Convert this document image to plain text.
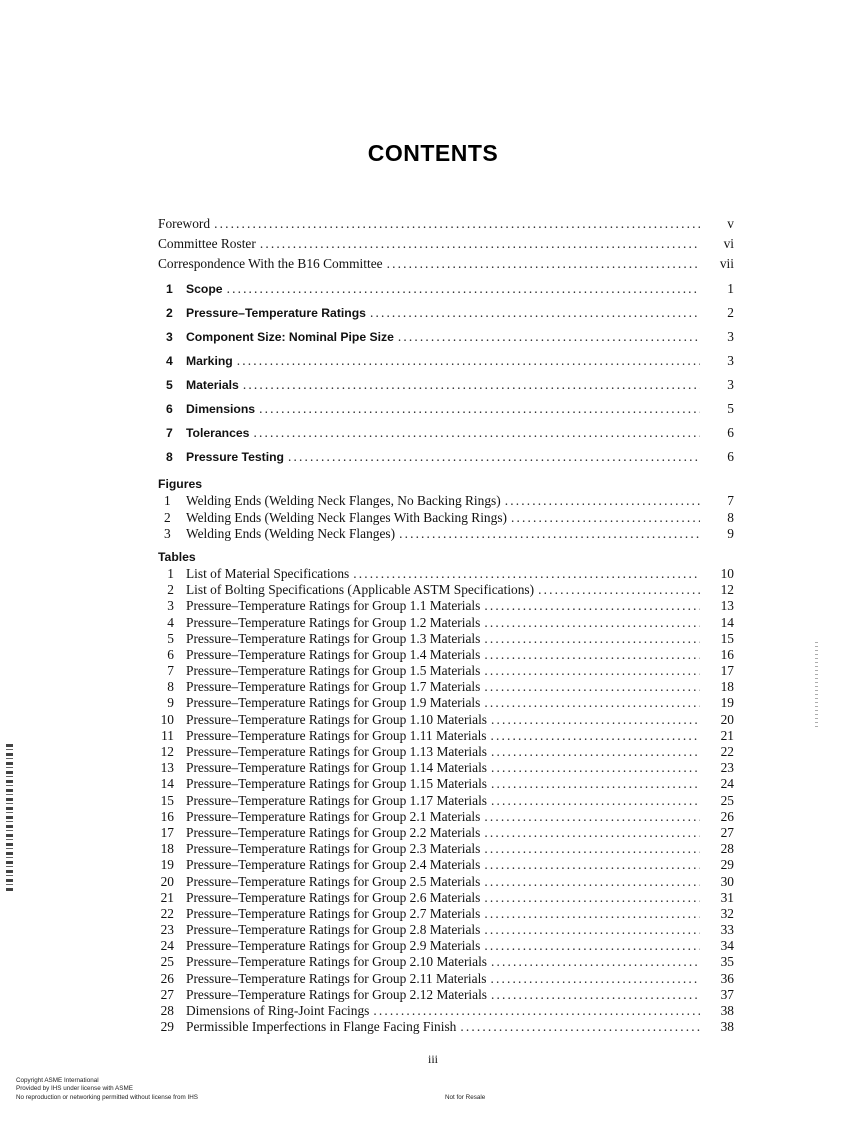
CONTENTS
Foreword . . .	v
Committee Roster . . .	vi
Correspondence With the B16 Committee . . .	vii
1	Scope . . .	1
2	Pressure–Temperature Ratings . . .	2
3	Component Size: Nominal Pipe Size . . .	3
4	Marking . . .	3
5	Materials . . .	3
6	Dimensions . . .	5
7	Tolerances . . .	6
8	Pressure Testing . . .	6
Figures
1	Welding Ends (Welding Neck Flanges, No Backing Rings) . . .	7
2	Welding Ends (Welding Neck Flanges With Backing Rings) . . .	8
3	Welding Ends (Welding Neck Flanges) . . .	9
Tables
1 List of Material Specifications . . .	10
2 List of Bolting Specifications (Applicable ASTM Specifications) . . .	12
3 Pressure–Temperature Ratings for Group 1.1 Materials . . .	13
4 Pressure–Temperature Ratings for Group 1.2 Materials . . .	14
5 Pressure–Temperature Ratings for Group 1.3 Materials . . .	15
6 Pressure–Temperature Ratings for Group 1.4 Materials . . .	16
7 Pressure–Temperature Ratings for Group 1.5 Materials . . .	17
8 Pressure–Temperature Ratings for Group 1.7 Materials . . .	18
9 Pressure–Temperature Ratings for Group 1.9 Materials . . .	19
10 Pressure–Temperature Ratings for Group 1.10 Materials . . .	20
11 Pressure–Temperature Ratings for Group 1.11 Materials . . .	21
12 Pressure–Temperature Ratings for Group 1.13 Materials . . .	22
13 Pressure–Temperature Ratings for Group 1.14 Materials . . .	23
14 Pressure–Temperature Ratings for Group 1.15 Materials . . .	24
15 Pressure–Temperature Ratings for Group 1.17 Materials . . .	25
16 Pressure–Temperature Ratings for Group 2.1 Materials . . .	26
17 Pressure–Temperature Ratings for Group 2.2 Materials . . .	27
18 Pressure–Temperature Ratings for Group 2.3 Materials . . .	28
19 Pressure–Temperature Ratings for Group 2.4 Materials . . .	29
20 Pressure–Temperature Ratings for Group 2.5 Materials . . .	30
21 Pressure–Temperature Ratings for Group 2.6 Materials . . .	31
22 Pressure–Temperature Ratings for Group 2.7 Materials . . .	32
23 Pressure–Temperature Ratings for Group 2.8 Materials . . .	33
24 Pressure–Temperature Ratings for Group 2.9 Materials . . .	34
25 Pressure–Temperature Ratings for Group 2.10 Materials . . .	35
26 Pressure–Temperature Ratings for Group 2.11 Materials . . .	36
27 Pressure–Temperature Ratings for Group 2.12 Materials . . .	37
28 Dimensions of Ring-Joint Facings . . .	38
29 Permissible Imperfections in Flange Facing Finish . . .	38
iii
Copyright ASME International
Provided by IHS under license with ASME
No reproduction or networking permitted without license from IHS	Not for Resale
